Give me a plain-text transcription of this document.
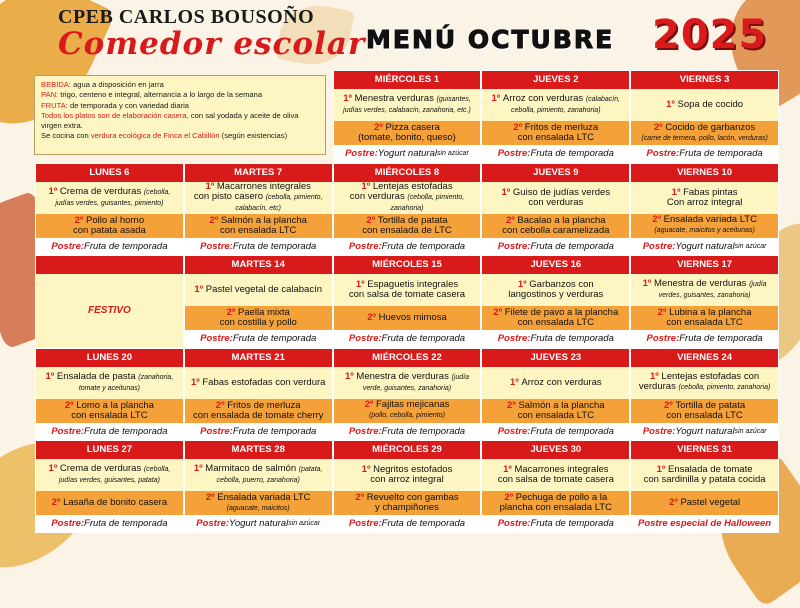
CPEB CARLOS BOUSOÑO
Comedor escolar MENÚ OCTUBRE 2025
BEBIDA: agua a disposición en jarra
PAN: trigo, centeno e integral, alternancia a lo largo de la semana
FRUTA: de temporada y con variedad diaria
Todos los platos son de elaboración casera, con sal yodada y aceite de oliva virgen extra.
Se cocina con verdura ecológica de Finca el Cabillón (según existencias)
MIÉRCOLES 1
1º Menestra verduras (guisantes, judías verdes, calabacín, zanahoria, etc.)
2º Pizza casera
(tomate, bonito, queso)
Postre: Yogurt natural sin azúcar
JUEVES 2
1º Arroz con verduras (calabacín, cebolla, pimiento, zanahoria)
2º Fritos de merluza
con ensalada LTC
Postre: Fruta de temporada
VIERNES 3
1º Sopa de cocido
2º Cocido de garbanzos
(carne de ternera, pollo, lacón, verduras)
Postre: Fruta de temporada
LUNES 6
1º Crema de verduras (cebolla, judías verdes, guisantes, pimiento)
2º Pollo al horno
con patata asada
Postre: Fruta de temporada
MARTES 7
1º Macarrones integrales
con pisto casero (cebolla, pimiento, calabacín, etc)
2º Salmón a la plancha
con ensalada LTC
Postre: Fruta de temporada
MIÉRCOLES 8
1º Lentejas estofadas
con verduras (cebolla, pimiento, zanahoria)
2º Tortilla de patata
con ensalada de LTC
Postre: Fruta de temporada
JUEVES 9
1º Guiso de judías verdes
con verduras
2º Bacalao a la plancha
con cebolla caramelizada
Postre: Fruta de temporada
VIERNES 10
1º Fabas pintas
Con arroz integral
2º Ensalada variada LTC
(aguacate, maicitos y aceitunas)
Postre: Yogurt natural sin azúcar
FESTIVO
MARTES 14
1º Pastel vegetal de calabacín
2º Paella mixta
con costilla y pollo
Postre: Fruta de temporada
MIÉRCOLES 15
1º Espaguetis integrales
con salsa de tomate casera
2º Huevos mimosa
Postre: Fruta de temporada
JUEVES 16
1º Garbanzos con
langostinos y verduras
2º Filete de pavo a la plancha
con ensalada LTC
Postre: Fruta de temporada
VIERNES 17
1º Menestra de verduras (judía verdes, guisantes, zanahoria)
2º Lubina a la plancha
con ensalada LTC
Postre: Fruta de temporada
LUNES 20
1º Ensalada de pasta (zanahoria, tomate y aceitunas)
2º Lomo a la plancha
con ensalada LTC
Postre: Fruta de temporada
MARTES 21
1º Fabas estofadas con verdura
2º Fritos de merluza
con ensalada de tomate cherry
Postre: Fruta de temporada
MIÉRCOLES 22
1º Menestra de verduras (judía verde, guisantes, zanahoria)
2º Fajitas mejicanas
(pollo, cebolla, pimiento)
Postre: Fruta de temporada
JUEVES 23
1º Arroz con verduras
2º Salmón a la plancha
con ensalada LTC
Postre: Fruta de temporada
VIERNES 24
1º Lentejas estofadas con
verduras (cebolla, pimiento, zanahoria)
2º Tortilla de patata
con ensalada LTC
Postre: Yogurt natural sin azúcar
LUNES 27
1º Crema de verduras (cebolla, judías verdes, guisantes, patata)
2º Lasaña de bonito casera
Postre: Fruta de temporada
MARTES 28
1º Marmitaco de salmón (patata, cebolla, puerro, zanahoria)
2º Ensalada variada LTC
(aguacate, maicitos)
Postre: Yogurt natural sin azúcar
MIÉRCOLES 29
1º Negritos estofados
con arroz integral
2º Revuelto con gambas
y champiñones
Postre: Fruta de temporada
JUEVES 30
1º Macarrones integrales
con salsa de tomate casera
2º Pechuga de pollo a la
plancha con ensalada LTC
Postre: Fruta de temporada
VIERNES 31
1º Ensalada de tomate
con sardinilla y patata cocida
2º Pastel vegetal
Postre especial de Halloween
